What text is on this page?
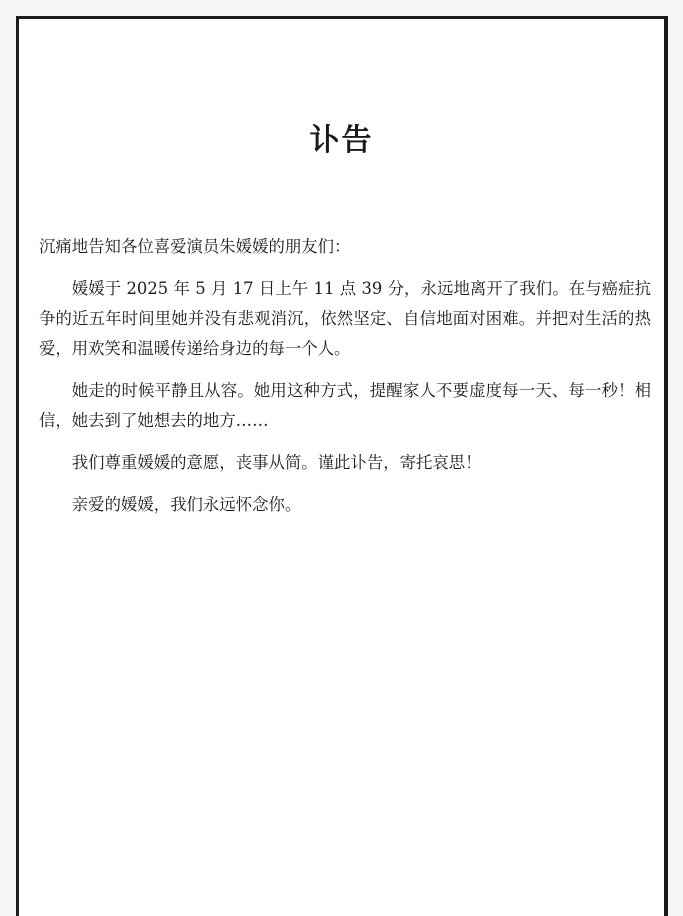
讣告

沉痛地告知各位喜爱演员朱媛媛的朋友们：

媛媛于 2025 年 5 月 17 日上午 11 点 39 分，永远地离开了我们。在与癌症抗争的近五年时间里她并没有悲观消沉，依然坚定、自信地面对困难。并把对生活的热爱，用欢笑和温暖传递给身边的每一个人。

她走的时候平静且从容。她用这种方式，提醒家人不要虚度每一天、每一秒！相信，她去到了她想去的地方……

我们尊重媛媛的意愿，丧事从简。谨此讣告，寄托哀思！

亲爱的媛媛，我们永远怀念你。
